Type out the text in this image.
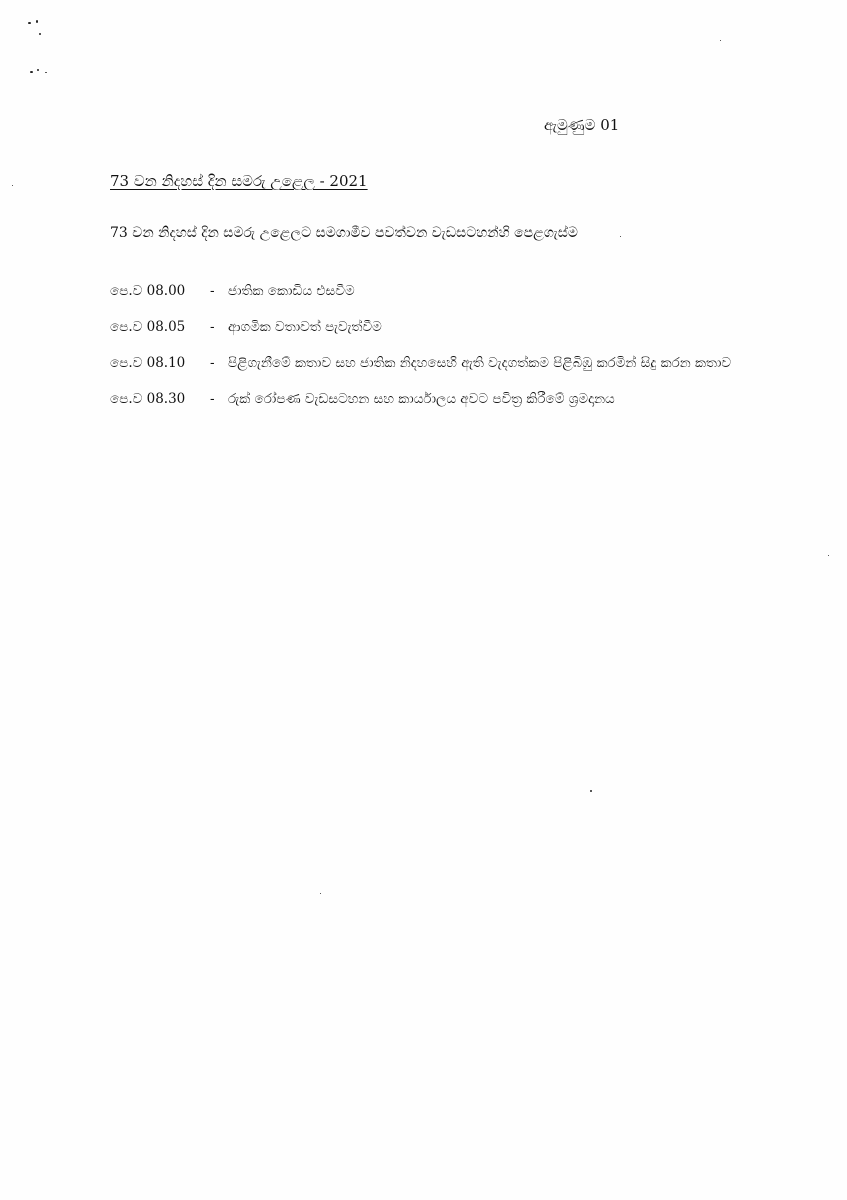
ඇමුණුම 01
73 වන නිදහස් දින සමරු උළෙල - 2021
73 වන නිදහස් දින සමරු උළෙලට සමගාමීව පවත්වන වැඩසටහන්හි පෙළගැස්ම
පෙ.ව 08.00	- ජාතික කොඩිය එසවීම
පෙ.ව 08.05	- ආගමික වතාවත් පැවැත්වීම
පෙ.ව 08.10	- පිළිගැනීමේ කතාව සහ ජාතික නිදහසෙහි ඇති වැදගත්කම පිළිබිඹු කරමින් සිදු කරන කතාව
පෙ.ව 08.30	- රුක් රෝපණ වැඩසටහන සහ කාර්යාලය අවට පවිත්‍ර කිරීමේ ශ්‍රමදානය
